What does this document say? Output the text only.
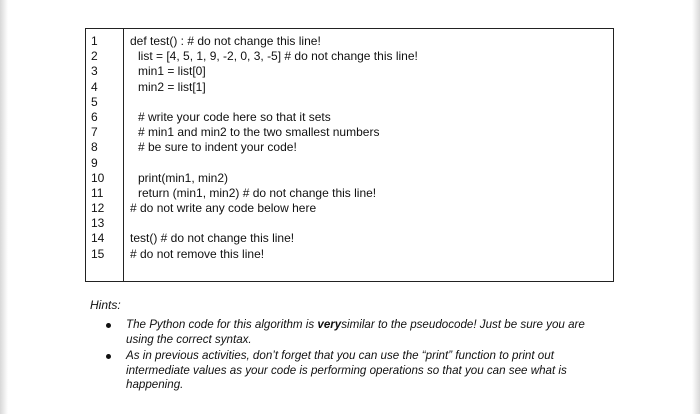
1
2
3
4
5
6
7
8
9
10
11
12
13
14
15
def test() : # do not change this line!
list = [4, 5, 1, 9, -2, 0, 3, -5] # do not change this line!
min1 = list[0]
min2 = list[1]
# write your code here so that it sets
# min1 and min2 to the two smallest numbers
# be sure to indent your code!
print(min1, min2)
return (min1, min2) # do not change this line!
# do not write any code below here
test() # do not change this line!
# do not remove this line!
Hints:
The Python code for this algorithm is verysimilar to the pseudocode! Just be sure you are using the correct syntax.
As in previous activities, don’t forget that you can use the “print” function to print out intermediate values as your code is performing operations so that you can see what is happening.
